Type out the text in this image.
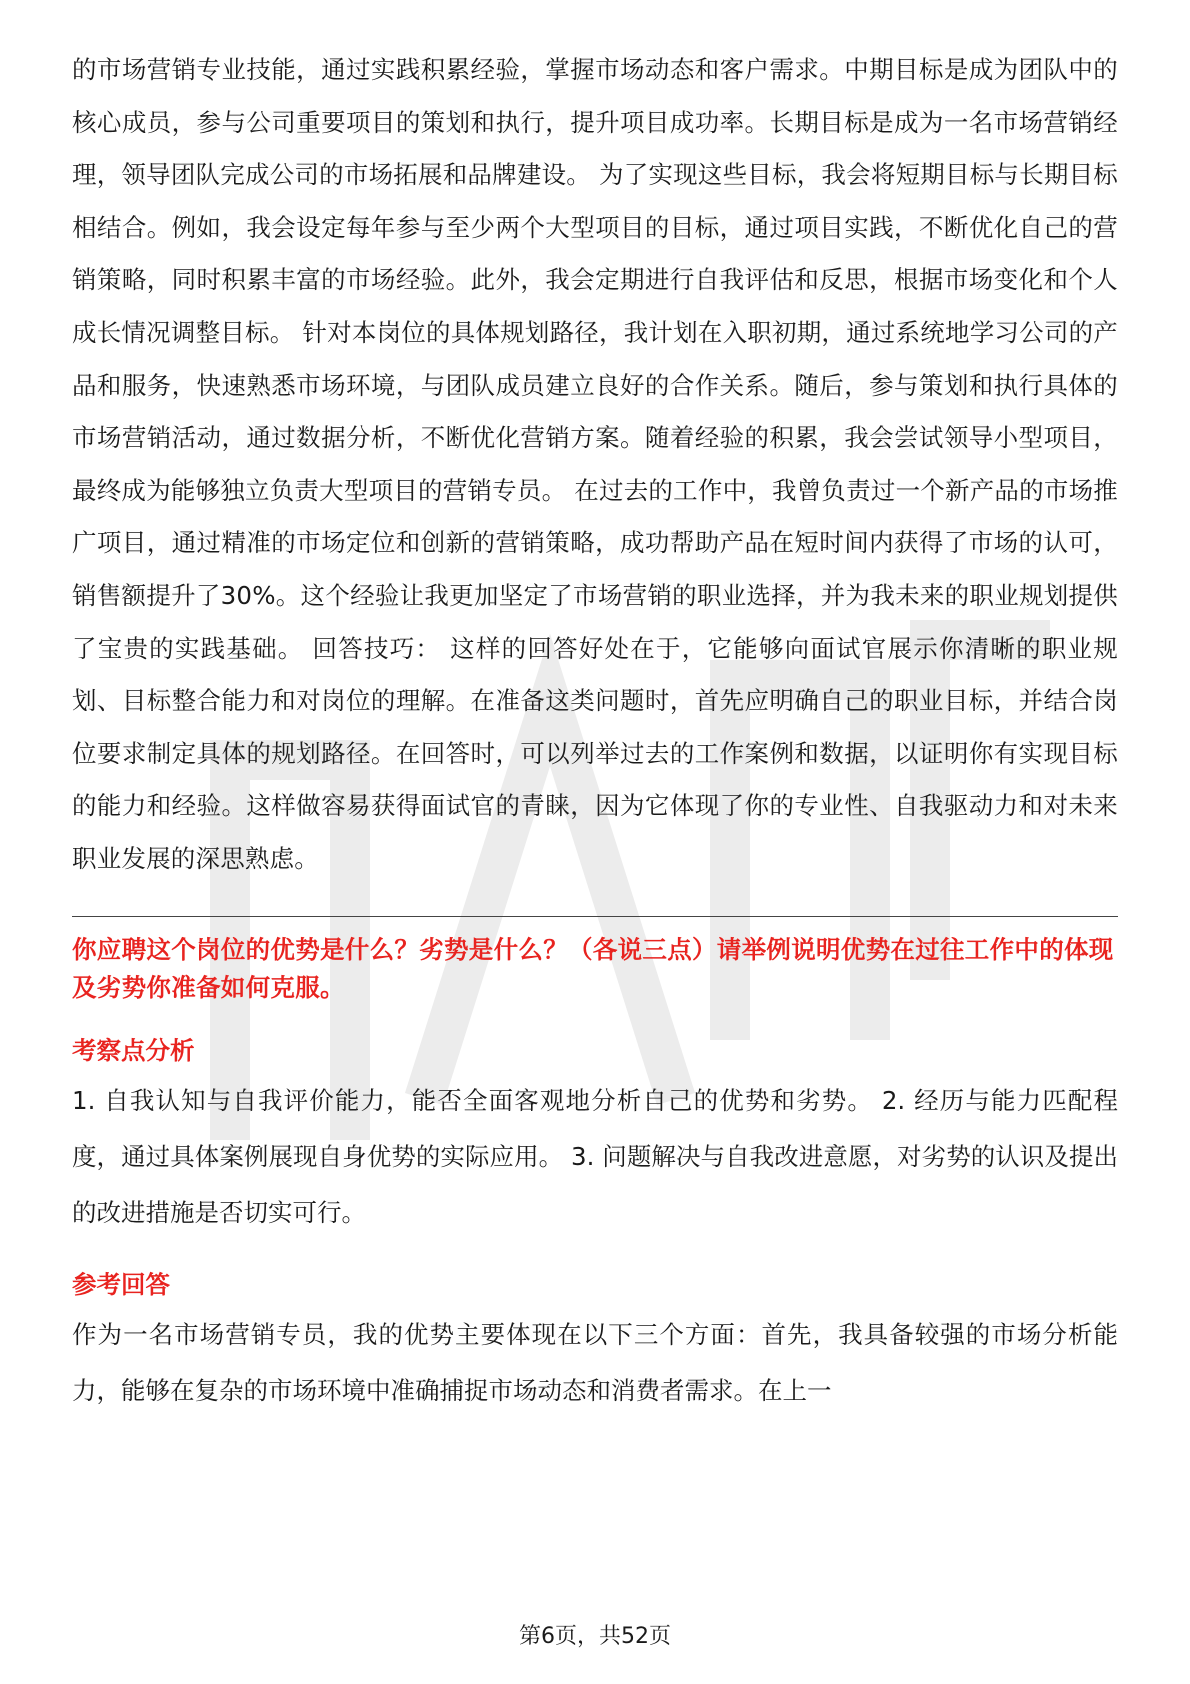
的市场营销专业技能，通过实践积累经验，掌握市场动态和客户需求。中期目标是成为团队中的核心成员，参与公司重要项目的策划和执行，提升项目成功率。长期目标是成为一名市场营销经理，领导团队完成公司的市场拓展和品牌建设。 为了实现这些目标，我会将短期目标与长期目标相结合。例如，我会设定每年参与至少两个大型项目的目标，通过项目实践，不断优化自己的营销策略，同时积累丰富的市场经验。此外，我会定期进行自我评估和反思，根据市场变化和个人成长情况调整目标。 针对本岗位的具体规划路径，我计划在入职初期，通过系统地学习公司的产品和服务，快速熟悉市场环境，与团队成员建立良好的合作关系。随后，参与策划和执行具体的市场营销活动，通过数据分析，不断优化营销方案。随着经验的积累，我会尝试领导小型项目，最终成为能够独立负责大型项目的营销专员。 在过去的工作中，我曾负责过一个新产品的市场推广项目，通过精准的市场定位和创新的营销策略，成功帮助产品在短时间内获得了市场的认可，销售额提升了30%。这个经验让我更加坚定了市场营销的职业选择，并为我未来的职业规划提供了宝贵的实践基础。 回答技巧： 这样的回答好处在于，它能够向面试官展示你清晰的职业规划、目标整合能力和对岗位的理解。在准备这类问题时，首先应明确自己的职业目标，并结合岗位要求制定具体的规划路径。在回答时，可以列举过去的工作案例和数据，以证明你有实现目标的能力和经验。这样做容易获得面试官的青睐，因为它体现了你的专业性、自我驱动力和对未来职业发展的深思熟虑。

你应聘这个岗位的优势是什么？劣势是什么？（各说三点）请举例说明优势在过往工作中的体现及劣势你准备如何克服。

考察点分析

1. 自我认知与自我评价能力，能否全面客观地分析自己的优势和劣势。 2. 经历与能力匹配程度，通过具体案例展现自身优势的实际应用。 3. 问题解决与自我改进意愿，对劣势的认识及提出的改进措施是否切实可行。

参考回答

作为一名市场营销专员，我的优势主要体现在以下三个方面：首先，我具备较强的市场分析能力，能够在复杂的市场环境中准确捕捉市场动态和消费者需求。在上一

第6页，共52页
